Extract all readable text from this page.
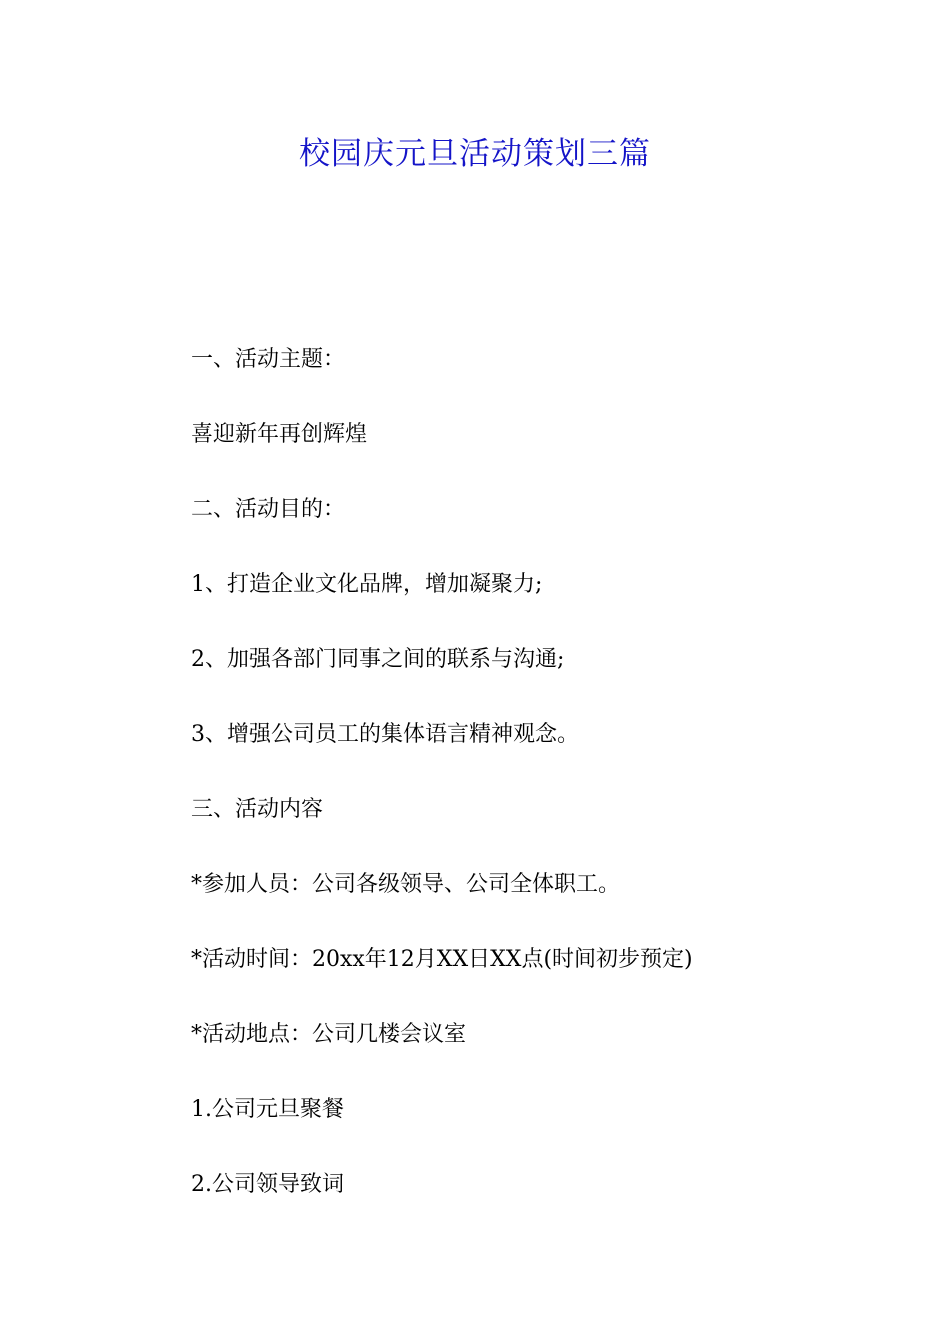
校园庆元旦活动策划三篇
一、活动主题：
喜迎新年再创辉煌
二、活动目的：
1、打造企业文化品牌，增加凝聚力;
2、加强各部门同事之间的联系与沟通;
3、增强公司员工的集体语言精神观念。
三、活动内容
*参加人员：公司各级领导、公司全体职工。
*活动时间：20xx年12月XX日XX点(时间初步预定)
*活动地点：公司几楼会议室
1.公司元旦聚餐
2.公司领导致词
